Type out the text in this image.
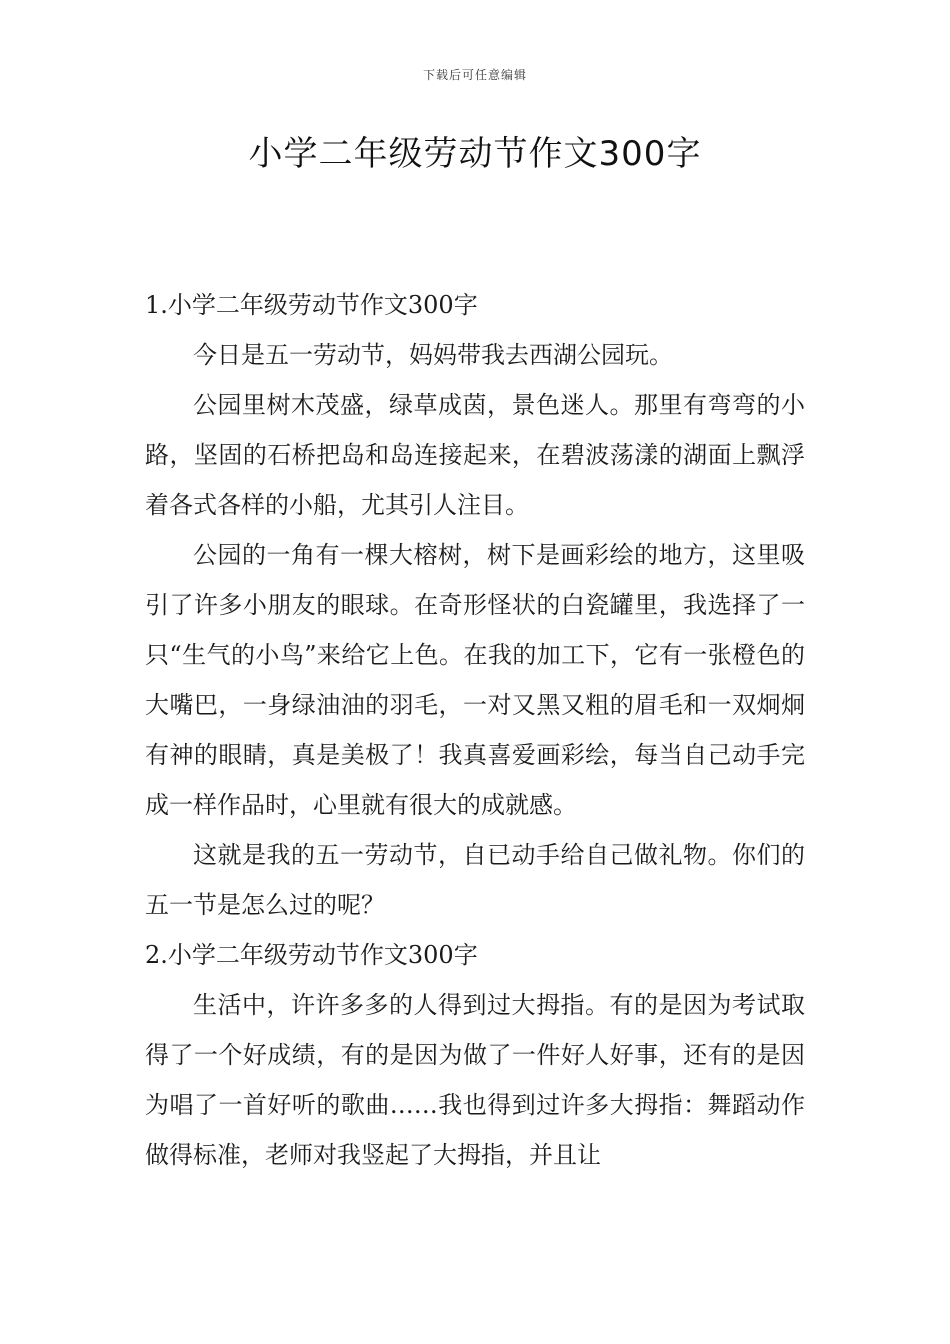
下载后可任意编辑
小学二年级劳动节作文300字

1.小学二年级劳动节作文300字

今日是五一劳动节，妈妈带我去西湖公园玩。

公园里树木茂盛，绿草成茵，景色迷人。那里有弯弯的小路，坚固的石桥把岛和岛连接起来，在碧波荡漾的湖面上飘浮着各式各样的小船，尤其引人注目。

公园的一角有一棵大榕树，树下是画彩绘的地方，这里吸引了许多小朋友的眼球。在奇形怪状的白瓷罐里，我选择了一只“生气的小鸟”来给它上色。在我的加工下，它有一张橙色的大嘴巴，一身绿油油的羽毛，一对又黑又粗的眉毛和一双炯炯有神的眼睛，真是美极了！我真喜爱画彩绘，每当自己动手完成一样作品时，心里就有很大的成就感。

这就是我的五一劳动节，自已动手给自己做礼物。你们的五一节是怎么过的呢？

2.小学二年级劳动节作文300字

生活中，许许多多的人得到过大拇指。有的是因为考试取得了一个好成绩，有的是因为做了一件好人好事，还有的是因为唱了一首好听的歌曲……我也得到过许多大拇指：舞蹈动作做得标准，老师对我竖起了大拇指，并且让
